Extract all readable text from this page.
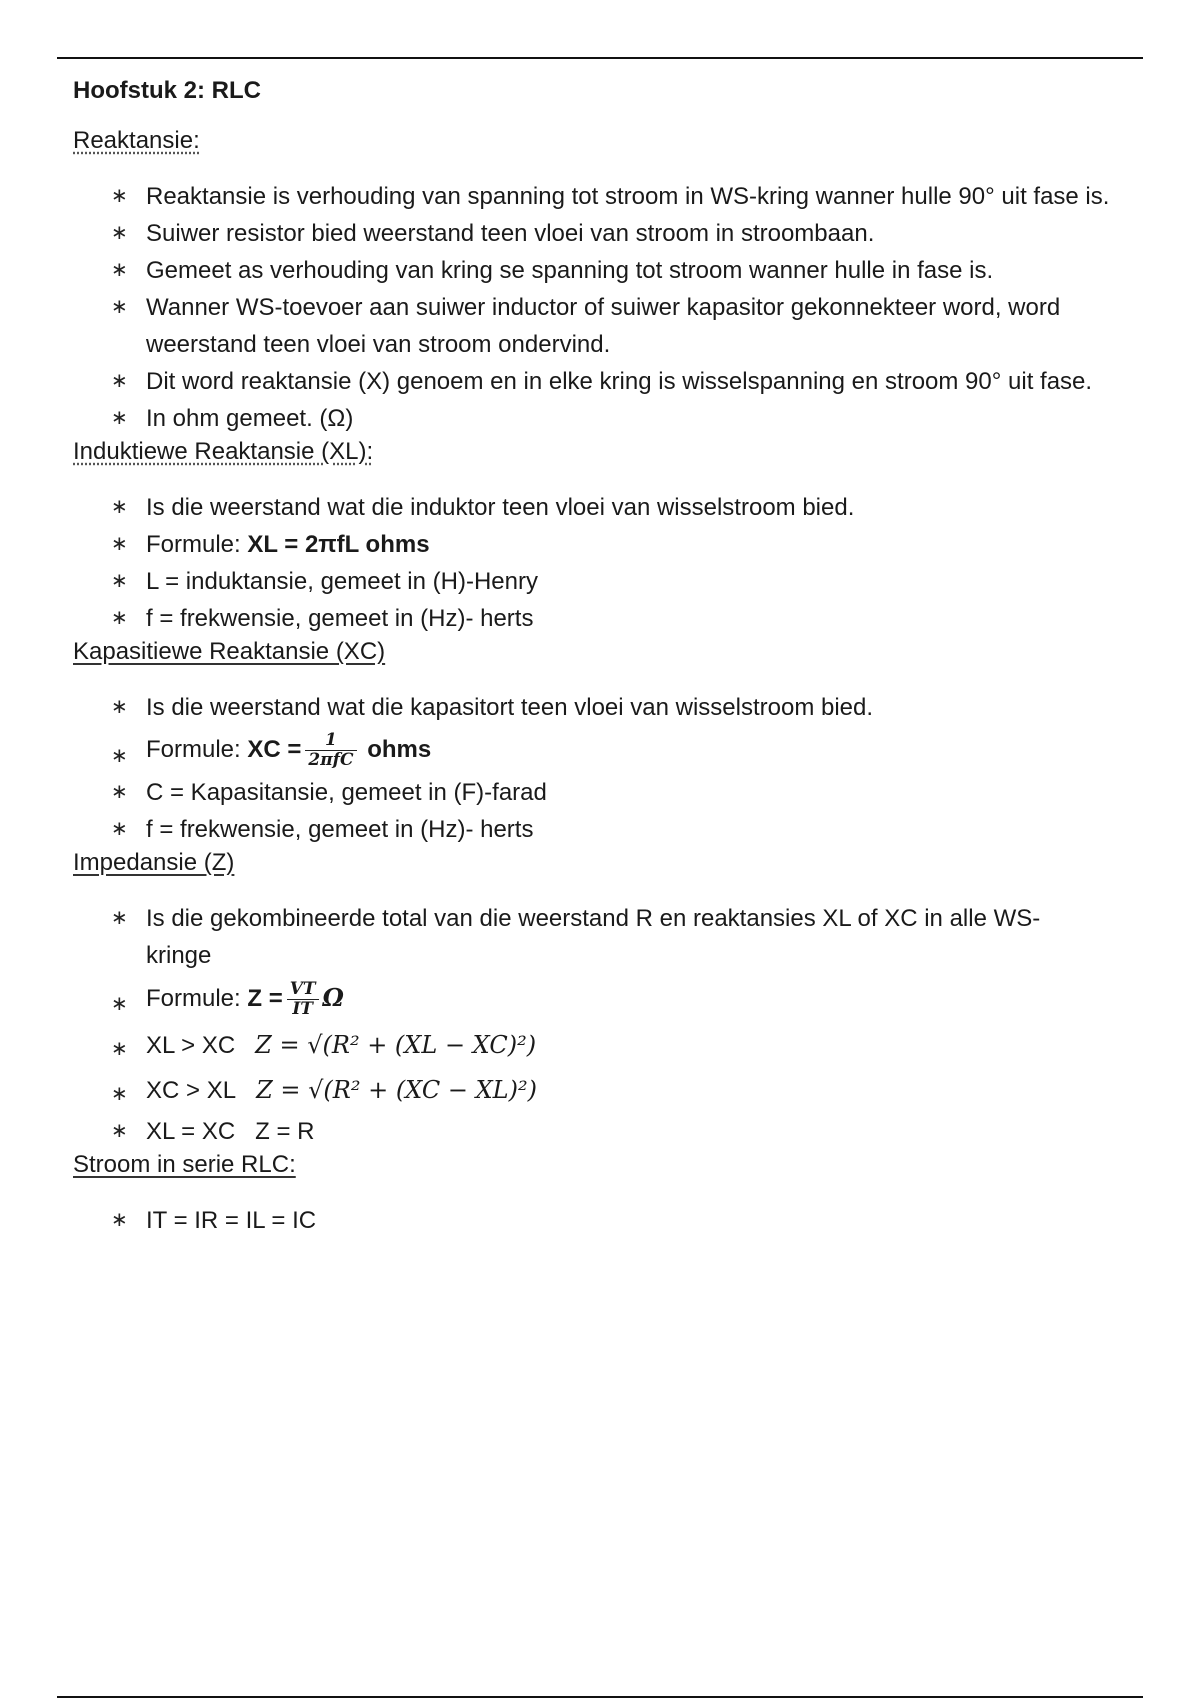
Hoofstuk 2: RLC
Reaktansie:
∗ Reaktansie is verhouding van spanning tot stroom in WS-kring wanner hulle 90° uit fase is.
∗ Suiwer resistor bied weerstand teen vloei van stroom in stroombaan.
∗ Gemeet as verhouding van kring se spanning tot stroom wanner hulle in fase is.
∗ Wanner WS-toevoer aan suiwer inductor of suiwer kapasitor gekonnekteer word, word weerstand teen vloei van stroom ondervind.
∗ Dit word reaktansie (X) genoem en in elke kring is wisselspanning en stroom 90° uit fase.
∗ In ohm gemeet. (Ω)
Induktiewe Reaktansie (XL):
∗ Is die weerstand wat die induktor teen vloei van wisselstroom bied.
∗ Formule: XL = 2πfL ohms
∗ L = induktansie, gemeet in (H)-Henry
∗ f = frekwensie, gemeet in (Hz)- herts
Kapasitiewe Reaktansie (XC)
∗ Is die weerstand wat die kapasitort teen vloei van wisselstroom bied.
∗ Formule: XC = $\frac{1}{\text{2πfC}}$ ohms
∗ C = Kapasitansie, gemeet in (F)-farad
∗ f = frekwensie, gemeet in (Hz)- herts
Impedansie (Z)
∗ Is die gekombineerde total van die weerstand R en reaktansies XL of XC in alle WS-kringe
∗ Formule: $Z = \frac{VT}{IT}$ Ω
∗ XL > XC Z = √(R² + (XL − XC)²)
∗ XC > XL Z = √(R² + (XC − XL)²)
∗ XL = XC Z = R
Stroom in serie RLC:
∗ IT = IR = IL = IC
